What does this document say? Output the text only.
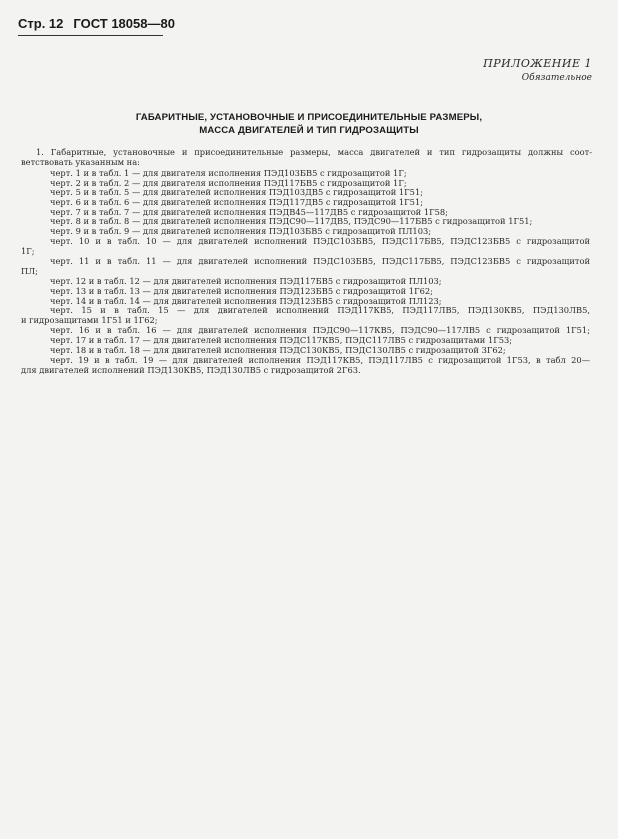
Стр. 12 ГОСТ 18058—80
ПРИЛОЖЕНИЕ 1
Обязательное
ГАБАРИТНЫЕ, УСТАНОВОЧНЫЕ И ПРИСОЕДИНИТЕЛЬНЫЕ РАЗМЕРЫ,
МАССА ДВИГАТЕЛЕЙ И ТИП ГИДРОЗАЩИТЫ
1. Габаритные, установочные и присоединительные размеры, масса двигателей и тип гидрозащиты должны соот-
ветствовать указанным на:
черт. 1 и в табл. 1 — для двигателя исполнения ПЭД103БВ5 с гидрозащитой 1Г;
черт. 2 и в табл. 2 — для двигателя исполнения ПЭД117БВ5 с гидрозащитой 1Г;
черт. 5 и в табл. 5 — для двигателей исполнения ПЭД103ДВ5 с гидрозащитой 1Г51;
черт. 6 и в табл. 6 — для двигателей исполнения ПЭД117ДВ5 с гидрозащитой 1Г51;
черт. 7 и в табл. 7 — для двигателей исполнения ПЭДВ45—117ДВ5 с гидрозащитой 1Г58;
черт. 8 и в табл. 8 — для двигателей исполнения ПЭДС90—117ДВ5, ПЭДС90—117БВ5 с гидрозащитой 1Г51;
черт. 9 и в табл. 9 — для двигателей исполнения ПЭД103БВ5 с гидрозащитой ПЛ103;
черт. 10 и в табл. 10 — для двигателей исполнений ПЭДС103БВ5, ПЭДС117БВ5, ПЭДС123БВ5 с гидрозащитой
1Г;
черт. 11 и в табл. 11 — для двигателей исполнений ПЭДС103БВ5, ПЭДС117БВ5, ПЭДС123БВ5 с гидрозащитой
ПЛ;
черт. 12 и в табл. 12 — для двигателей исполнения ПЭД117БВ5 с гидрозащитой ПЛ103;
черт. 13 и в табл. 13 — для двигателей исполнения ПЭД123БВ5 с гидрозащитой 1Г62;
черт. 14 и в табл. 14 — для двигателей исполнения ПЭД123БВ5 с гидрозащитой ПЛ123;
черт. 15 и в табл. 15 — для двигателей исполнений ПЭД117КВ5, ПЭД117ЛВ5, ПЭД130КВ5, ПЭД130ЛВ5,
и гидрозащитами 1Г51 и 1Г62;
черт. 16 и в табл. 16 — для двигателей исполнения ПЭДС90—117КВ5, ПЭДС90—117ЛВ5 с гидрозащитой 1Г51;
черт. 17 и в табл. 17 — для двигателей исполнения ПЭДС117КВ5, ПЭДС117ЛВ5 с гидрозащитами 1Г53;
черт. 18 и в табл. 18 — для двигателей исполнения ПЭДС130КВ5, ПЭДС130ЛВ5 с гидрозащитой 3Г62;
черт. 19 и в табл. 19 — для двигателей исполнения ПЭД117КВ5, ПЭД117ЛВ5 с гидрозащитой 1Г53, в табл 20—
для двигателей исполнений ПЭД130КВ5, ПЭД130ЛВ5 с гидрозащитой 2Г63.
